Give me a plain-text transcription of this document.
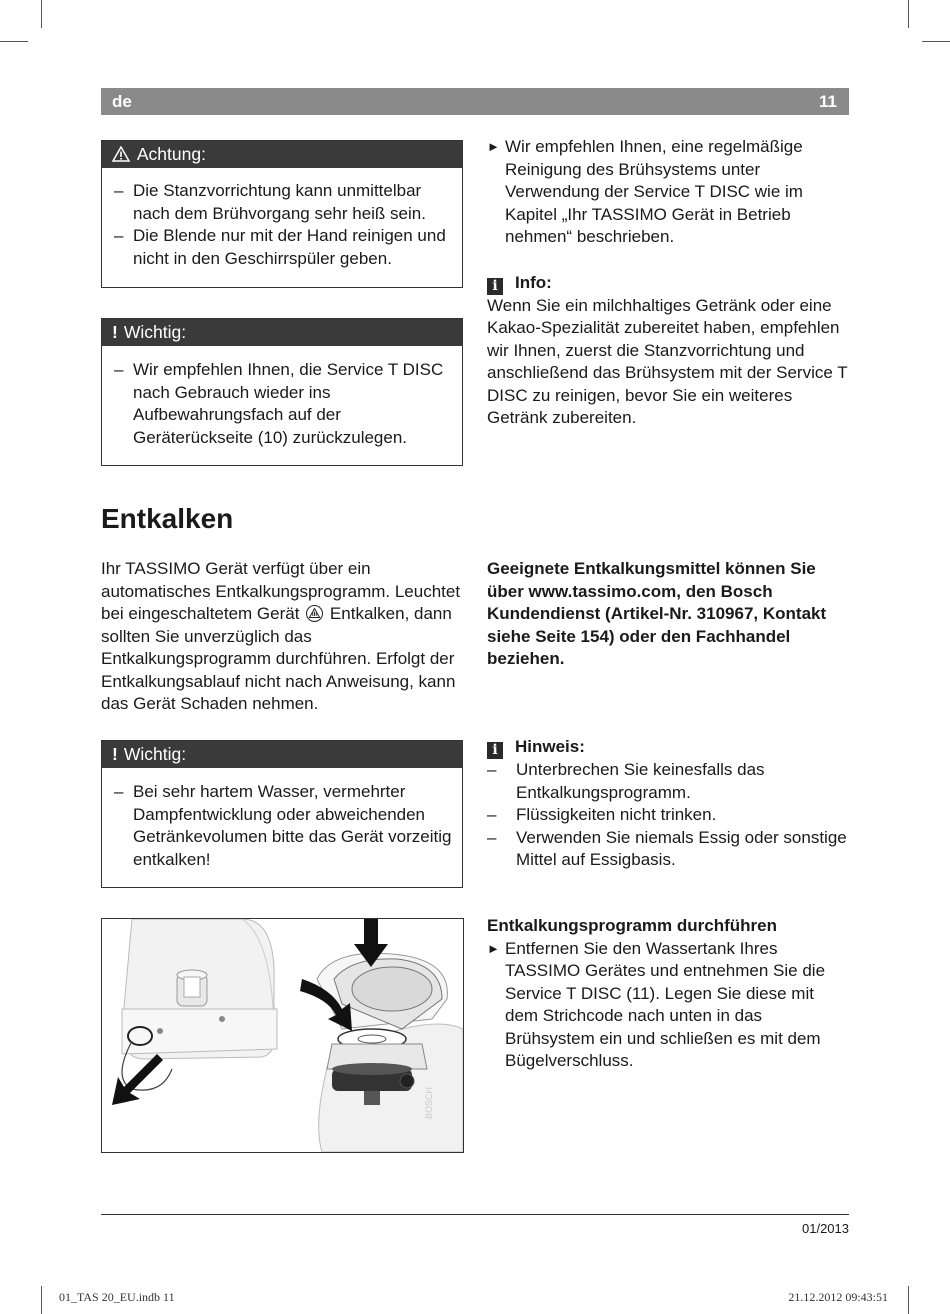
de	11
Achtung:
– Die Stanzvorrichtung kann unmittelbar nach dem Brühvorgang sehr heiß sein.
– Die Blende nur mit der Hand reinigen und nicht in den Geschirrspüler geben.
! Wichtig:
– Wir empfehlen Ihnen, die Service T DISC nach Gebrauch wieder ins Aufbewahrungsfach auf der Geräterückseite (10) zurückzulegen.

► Wir empfehlen Ihnen, eine regelmäßige Reinigung des Brühsystems unter Verwendung der Service T DISC wie im Kapitel „Ihr TASSIMO Gerät in Betrieb nehmen“ beschrieben.

i Info:

Wenn Sie ein milchhaltiges Getränk oder eine Kakao-Spezialität zubereitet haben, empfehlen wir Ihnen, zuerst die Stanzvorrichtung und anschließend das Brühsystem mit der Service T DISC zu reinigen, bevor Sie ein weiteres Getränk zubereiten.

Entkalken

Ihr TASSIMO Gerät verfügt über ein automatisches Entkalkungsprogramm. Leuchtet bei eingeschaltetem Gerät Entkalken, dann sollten Sie unverzüglich das Entkalkungsprogramm durchführen. Erfolgt der Entkalkungsablauf nicht nach Anweisung, kann das Gerät Schaden nehmen.

! Wichtig:
– Bei sehr hartem Wasser, vermehrter Dampfentwicklung oder abweichenden Getränkevolumen bitte das Gerät vorzeitig entkalken!

Geeignete Entkalkungsmittel können Sie über www.tassimo.com, den Bosch Kundendienst (Artikel-Nr. 310967, Kontakt siehe Seite 154) oder den Fachhandel beziehen.

i Hinweis:
– Unterbrechen Sie keinesfalls das Entkalkungsprogramm.
– Flüssigkeiten nicht trinken.
– Verwenden Sie niemals Essig oder sonstige Mittel auf Essigbasis.
Entkalkungsprogramm durchführen

► Entfernen Sie den Wassertank Ihres TASSIMO Gerätes und entnehmen Sie die Service T DISC (11). Legen Sie diese mit dem Strichcode nach unten in das Brühsystem ein und schließen es mit dem Bügelverschluss.

BOSCH
01/2013
01_TAS 20_EU.indb 11	21.12.2012 09:43:51
